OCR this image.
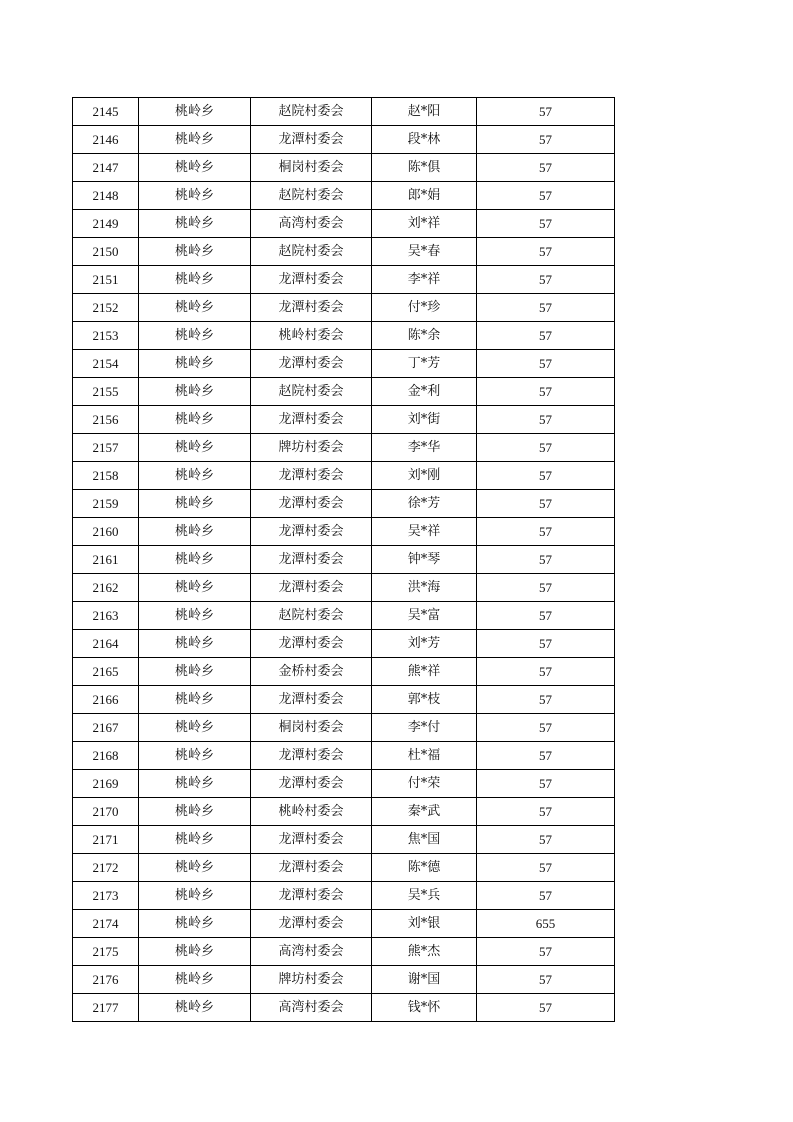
2145	桃岭乡	赵院村委会	赵*阳	57
2146	桃岭乡	龙潭村委会	段*林	57
2147	桃岭乡	桐岗村委会	陈*俱	57
2148	桃岭乡	赵院村委会	郎*娟	57
2149	桃岭乡	高湾村委会	刘*祥	57
2150	桃岭乡	赵院村委会	吴*春	57
2151	桃岭乡	龙潭村委会	李*祥	57
2152	桃岭乡	龙潭村委会	付*珍	57
2153	桃岭乡	桃岭村委会	陈*余	57
2154	桃岭乡	龙潭村委会	丁*芳	57
2155	桃岭乡	赵院村委会	金*利	57
2156	桃岭乡	龙潭村委会	刘*街	57
2157	桃岭乡	牌坊村委会	李*华	57
2158	桃岭乡	龙潭村委会	刘*刚	57
2159	桃岭乡	龙潭村委会	徐*芳	57
2160	桃岭乡	龙潭村委会	吴*祥	57
2161	桃岭乡	龙潭村委会	钟*琴	57
2162	桃岭乡	龙潭村委会	洪*海	57
2163	桃岭乡	赵院村委会	吴*富	57
2164	桃岭乡	龙潭村委会	刘*芳	57
2165	桃岭乡	金桥村委会	熊*祥	57
2166	桃岭乡	龙潭村委会	郭*枝	57
2167	桃岭乡	桐岗村委会	李*付	57
2168	桃岭乡	龙潭村委会	杜*福	57
2169	桃岭乡	龙潭村委会	付*荣	57
2170	桃岭乡	桃岭村委会	秦*武	57
2171	桃岭乡	龙潭村委会	焦*国	57
2172	桃岭乡	龙潭村委会	陈*德	57
2173	桃岭乡	龙潭村委会	吴*兵	57
2174	桃岭乡	龙潭村委会	刘*银	655
2175	桃岭乡	高湾村委会	熊*杰	57
2176	桃岭乡	牌坊村委会	谢*国	57
2177	桃岭乡	高湾村委会	钱*怀	57
